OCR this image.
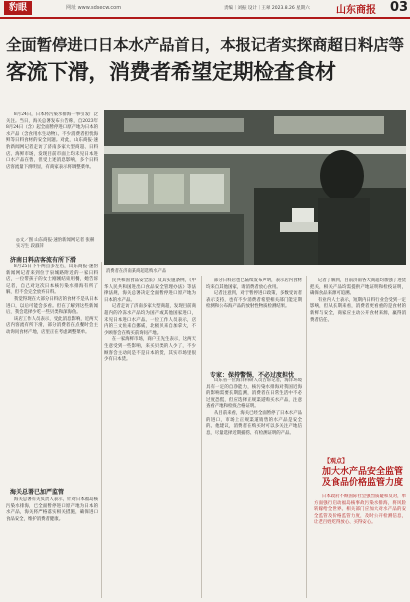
豹眼	网址 www.sdsecw.com	责编｜刘振 设计｜王翠 2023.8.26 星期六	山东商报 03
全面暂停进口日本水产品首日，本报记者实探商超日料店等
客流下滑，消费者希望定期检查食材

8月24日，日本将污染水排海一事引发广泛关注。当日，海关总署发布公告称，自2023年8月24日（含）起全面暂停进口原产地为日本的水产品（含食用水生动物）。不少消费者担忧海鲜等日料食材的安全问题。对此，山东商报·速豹新闻网记者走访了济南多家大型商超、日料店、海鲜市场，发现目前市面上均未见日本进口水产品在售，但受上述消息影响，多个日料店客流量下滑明显，有商家表示将调整菜单。

◎文／图 山东商报·速豹新闻网记者 张赫 实习生 段淑萍
消费者在济南某商超选购水产品
济南日料店客流有所下滑

8月25日下午两点多左右，山东商报·速豹新闻网记者来到位于泉城路附近的一家日料店，一位带孩子的女士刚刚结束用餐，她告诉记者，自己对这次日本核污染水排海有所了解，但不会完全放弃日料。

我觉得现在大部分日料店的食材不是从日本进口，以后可能会多看。但在了解到这些新闻后，我会选择少吃一些贝类和深海鱼。

该店工作人员表示，受此消息影响，近两天店内客流有所下滑，部分消费者在点餐时会主动询问食材产地，店里正在考虑调整菜单。

海关总署已加严监管

海关总署有关负责人表示，针对日本福岛核污染水排海，已全面暂停进口原产地为日本的水产品，海关将严格落实相关措施，确保进口食品安全，维护消费者健康。

民共和国食品安全法》及其实施条例，《中华人民共和国进出口食品安全管理办法》等法律法规，海关总署决定全面暂停进口原产地为日本的水产品。

记者走访了济南多家大型商超，发现目前商超内的冷冻水产品均为国产或其他国家进口，未见日本进口水产品。一位工作人员表示，店内的三文鱼来自挪威，北极贝来自加拿大，不少顾客会在购买前询问产地。

在一家海鲜市场，商户王先生表示，这两天生意受到一些影响，来买贝类的人少了，不少顾客会主动问是不是日本的货，其实市场里很少有日本货。

部分日料店也已陆续发布声明，表示店内食材均来自其他国家，请消费者放心食用。

记者注意到，对于暂停进口政策，多数受访者表示支持，也有不少消费者希望相关部门能定期检测和公布海产品的放射性物质检测结果。

专家：保持警惕，不必过度担忧

山东省一位海洋科研人员告诉记者，海洋环境具有一定的自净能力，核污染水排海对我国近海的影响需要长期监测，消费者在日常生活中不必过度恐慌，但应选择正规渠道购买水产品，注意查看产地和检疫合格证明。

从目前来看，海关已经全面暂停了日本水产品的进口，市场上正规渠道销售的水产品是安全的。他建议，消费者在购买时可以多关注产地信息，尽量选择近期捕捞、有检测证明的产品。

记者了解到，目前济南各大商超均加强了进货把关，相关产品均需提供产地证明和检疫证明，确保食品来源可追溯。

有业内人士表示，短期内日料行业会受到一定影响，但从长期来看，消费者更看重的是食材的新鲜与安全，商家应主动公开食材来源，赢得消费者信任。

【观点】
加大水产品安全监管及食品价格监管力度

日本政府不顾国际社会强烈质疑和反对，单方面强行启动福岛核事故污染水排海，将风险转嫁给全世界。相关部门应加大对水产品的安全监管及价格监管力度，及时公开检测信息，让老百姓吃得放心、买得安心。
